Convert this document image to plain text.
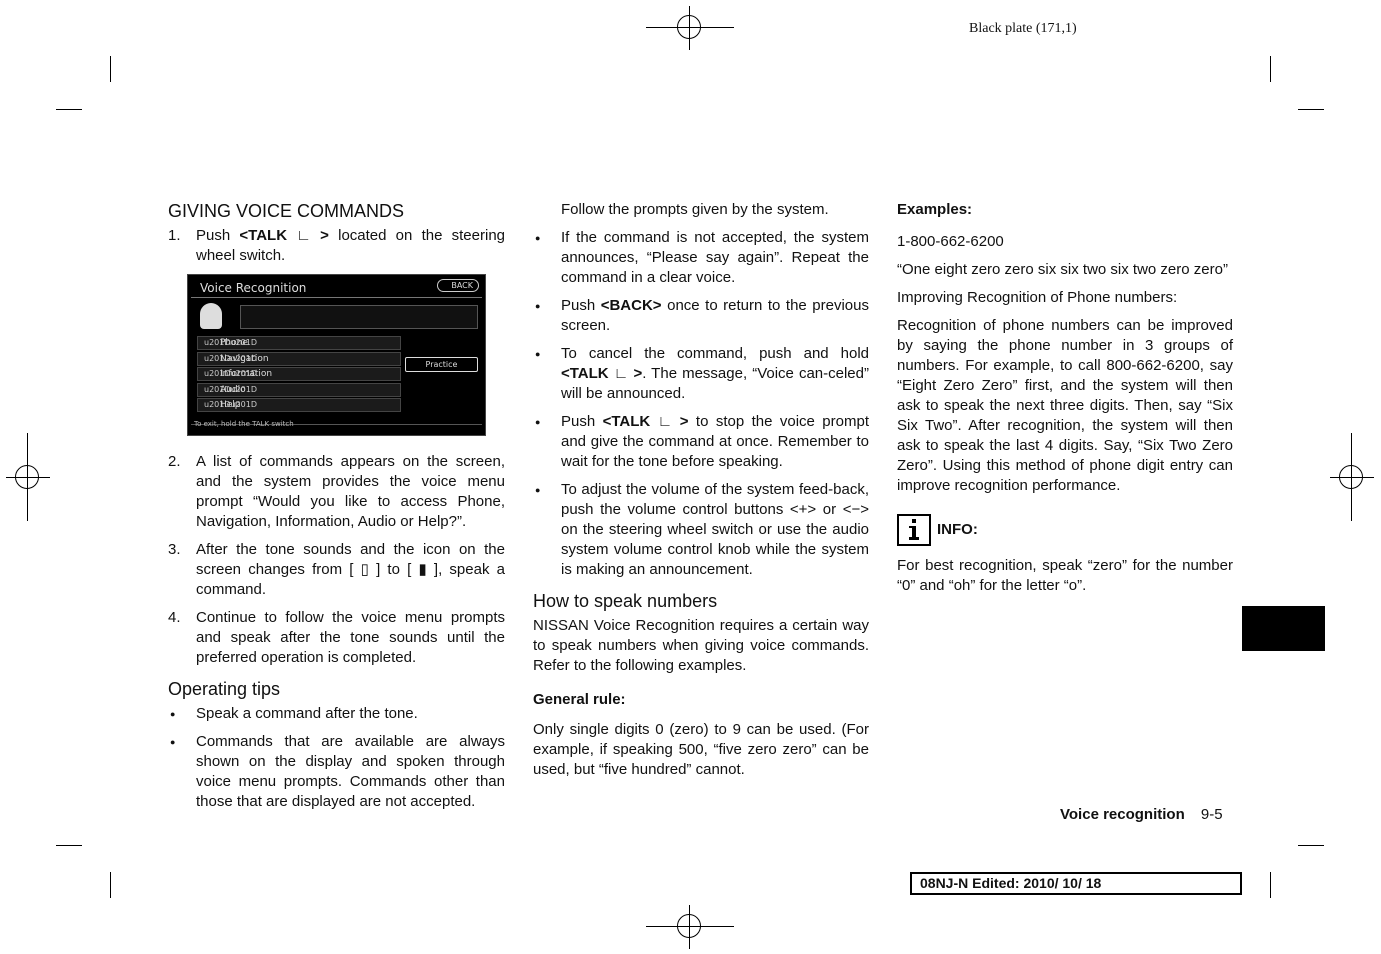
Black plate (171,1)
GIVING VOICE COMMANDS
1. Push <TALK ∟ > located on the steering wheel switch.
Voice Recognition	BACK
u201Du201D Phone
u201Du201D Navigation
u201Du201D Information
u201Du201D Audio
u201Du201D Help
Practice
To exit, hold the TALK switch
2. A list of commands appears on the screen, and the system provides the voice menu prompt “Would you like to access Phone, Navigation, Information, Audio or Help?”.
3. After the tone sounds and the icon on the screen changes from [ ▯ ] to [ ▮ ], speak a command.
4. Continue to follow the voice menu prompts and speak after the tone sounds until the preferred operation is completed.
Operating tips
● Speak a command after the tone.
● Commands that are available are always shown on the display and spoken through voice menu prompts. Commands other than those that are displayed are not accepted.
Follow the prompts given by the system.
● If the command is not accepted, the system announces, “Please say again”. Repeat the command in a clear voice.
● Push <BACK> once to return to the previous screen.
● To cancel the command, push and hold <TALK ∟ >. The message, “Voice can-celed” will be announced.
● Push <TALK ∟ > to stop the voice prompt and give the command at once. Remember to wait for the tone before speaking.
● To adjust the volume of the system feed-back, push the volume control buttons <+> or <−> on the steering wheel switch or use the audio system volume control knob while the system is making an announcement.
How to speak numbers
NISSAN Voice Recognition requires a certain way to speak numbers when giving voice commands. Refer to the following examples.
General rule:
Only single digits 0 (zero) to 9 can be used. (For example, if speaking 500, “five zero zero” can be used, but “five hundred” cannot.
Examples:
1-800-662-6200
“One eight zero zero six six two six two zero zero”
Improving Recognition of Phone numbers:
Recognition of phone numbers can be improved by saying the phone number in 3 groups of numbers. For example, to call 800-662-6200, say “Eight Zero Zero” first, and the system will then ask to speak the next three digits. Then, say “Six Six Two”. After recognition, the system will then ask to speak the last 4 digits. Say, “Six Two Zero Zero”. Using this method of phone digit entry can improve recognition performance.
INFO:
For best recognition, speak “zero” for the number “0” and “oh” for the letter “o”.
Voice recognition 9-5
08NJ-N Edited: 2010/ 10/ 18
